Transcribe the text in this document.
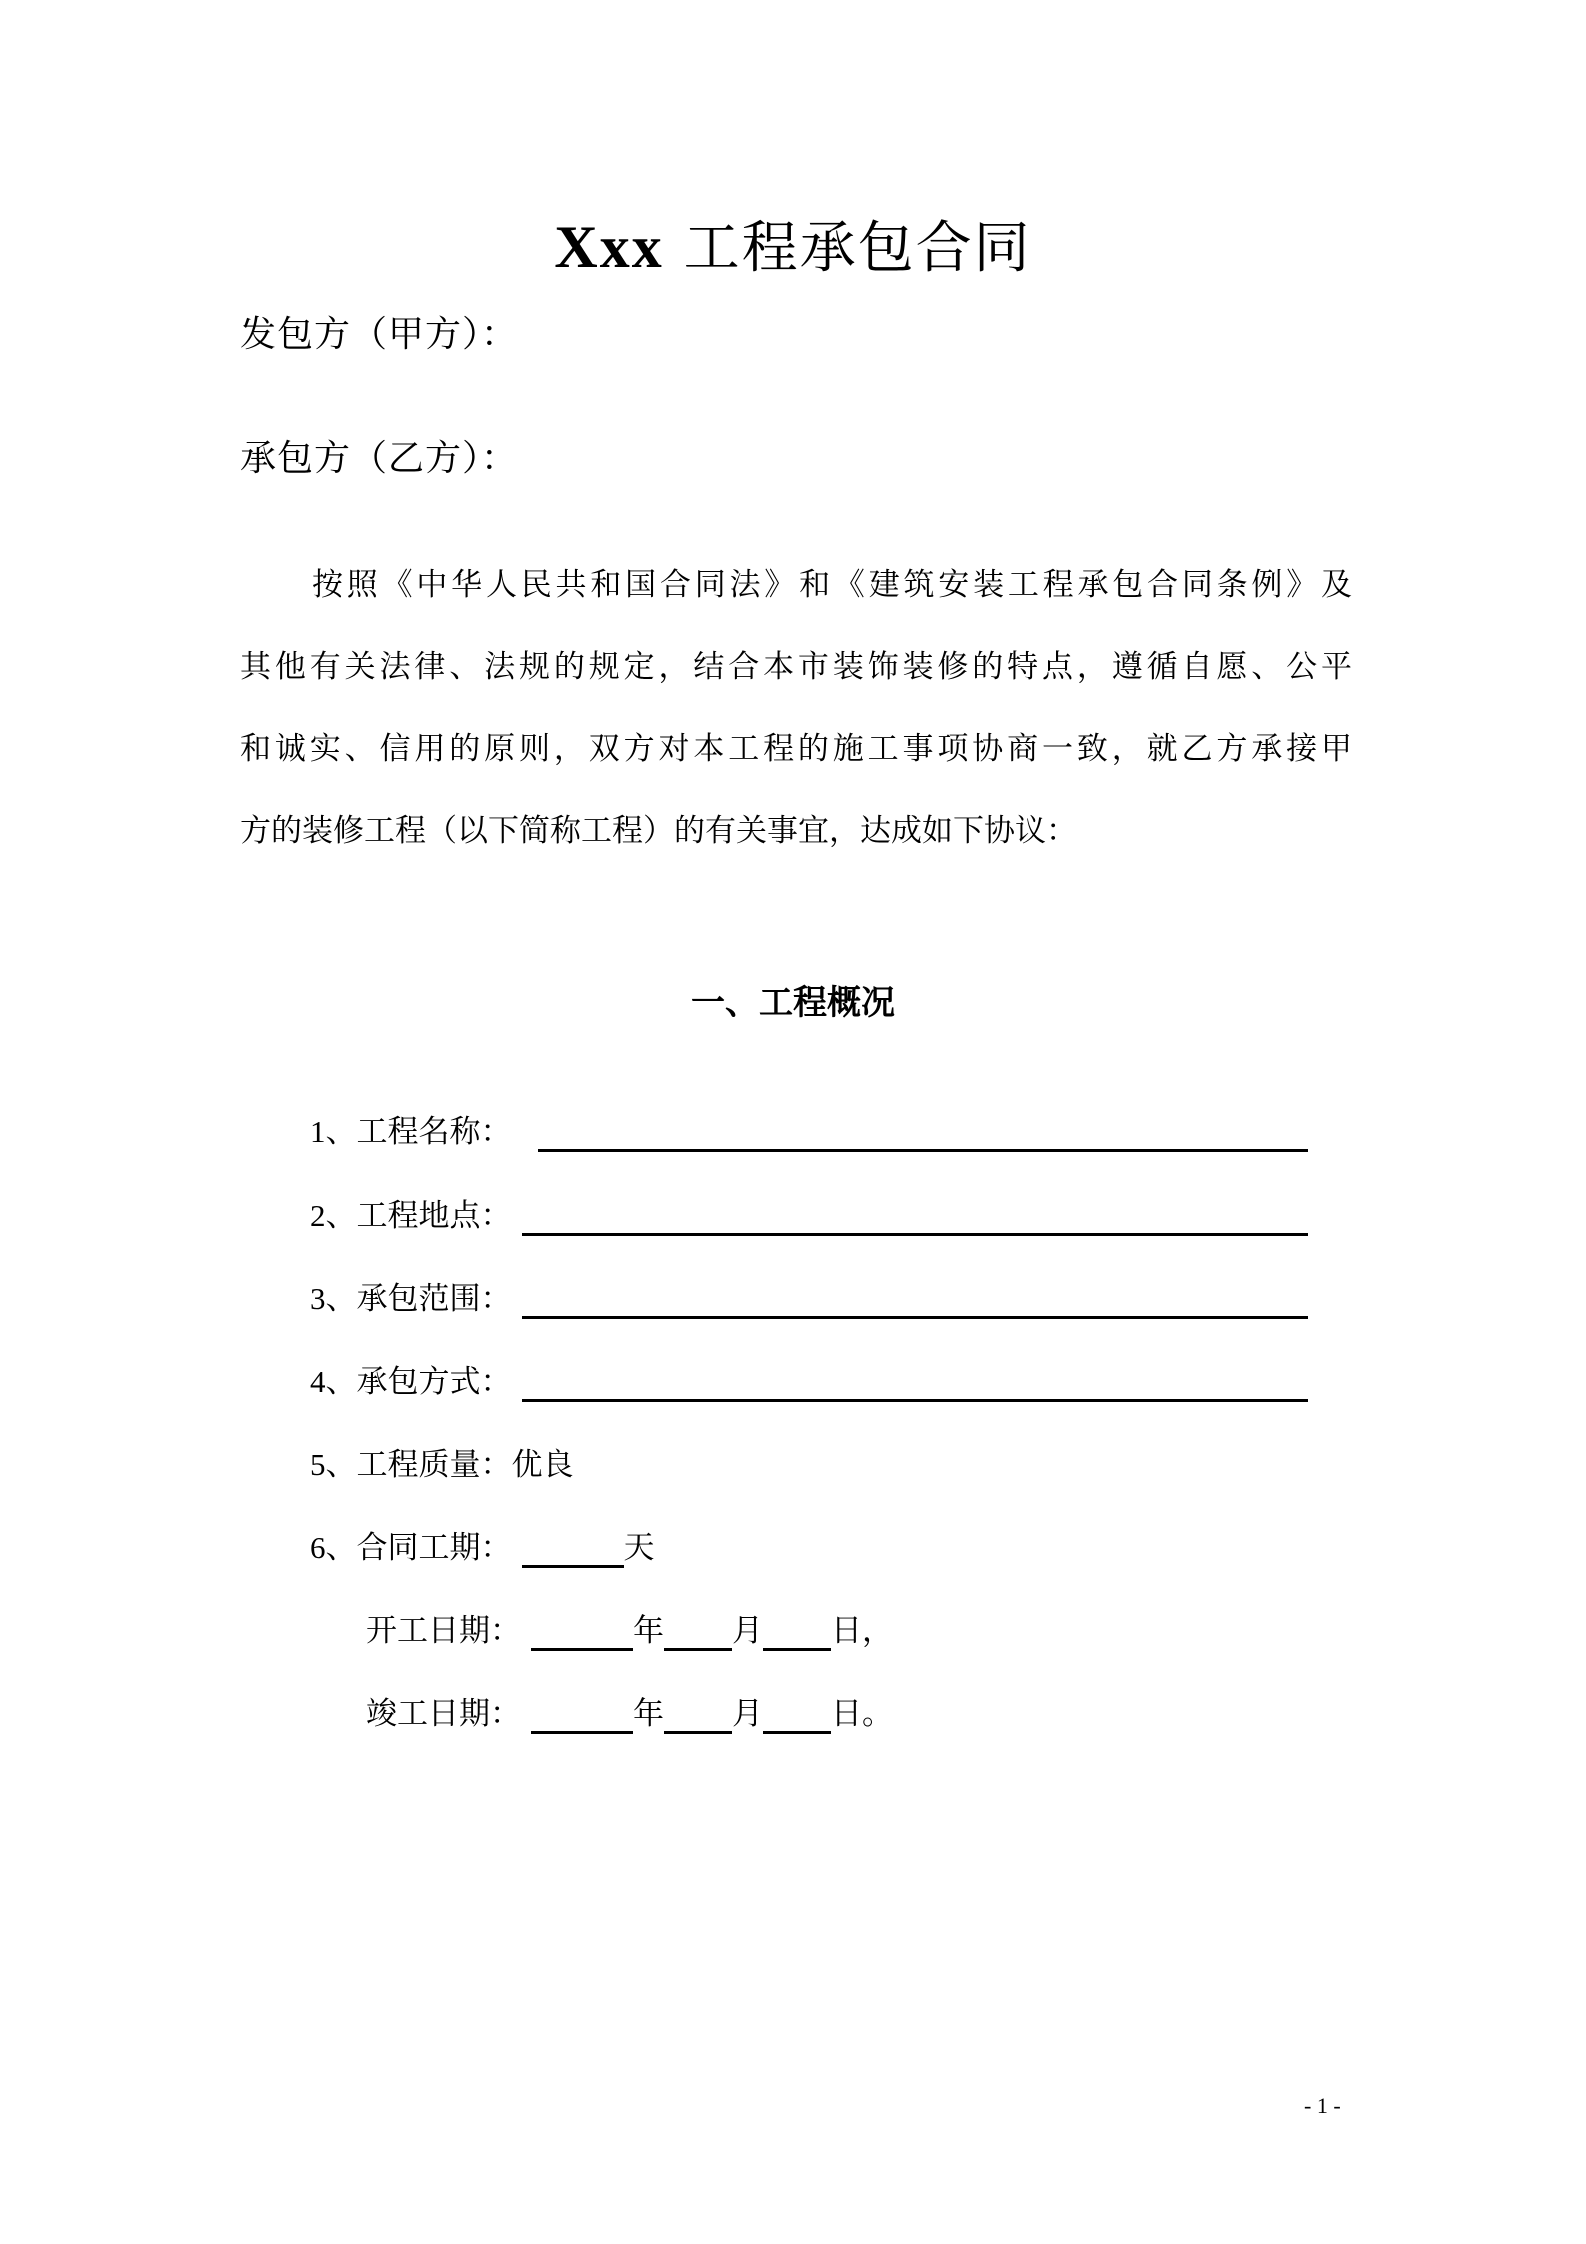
Xxx 工程承包合同
发包方（甲方）：
承包方（乙方）：
按照《中华人民共和国合同法》和《建筑安装工程承包合同条例》及
其他有关法律、法规的规定，结合本市装饰装修的特点，遵循自愿、公平
和诚实、信用的原则，双方对本工程的施工事项协商一致，就乙方承接甲
方的装修工程（以下简称工程）的有关事宜，达成如下协议：
一、工程概况
1、 工程名称：
2、 工程地点：
3、 承包范围：
4、 承包方式：
5、 工程质量： 优良
6、 合同工期：	天
开工日期：	年 月 日，
竣工日期：	年 月 日。
- 1 -
